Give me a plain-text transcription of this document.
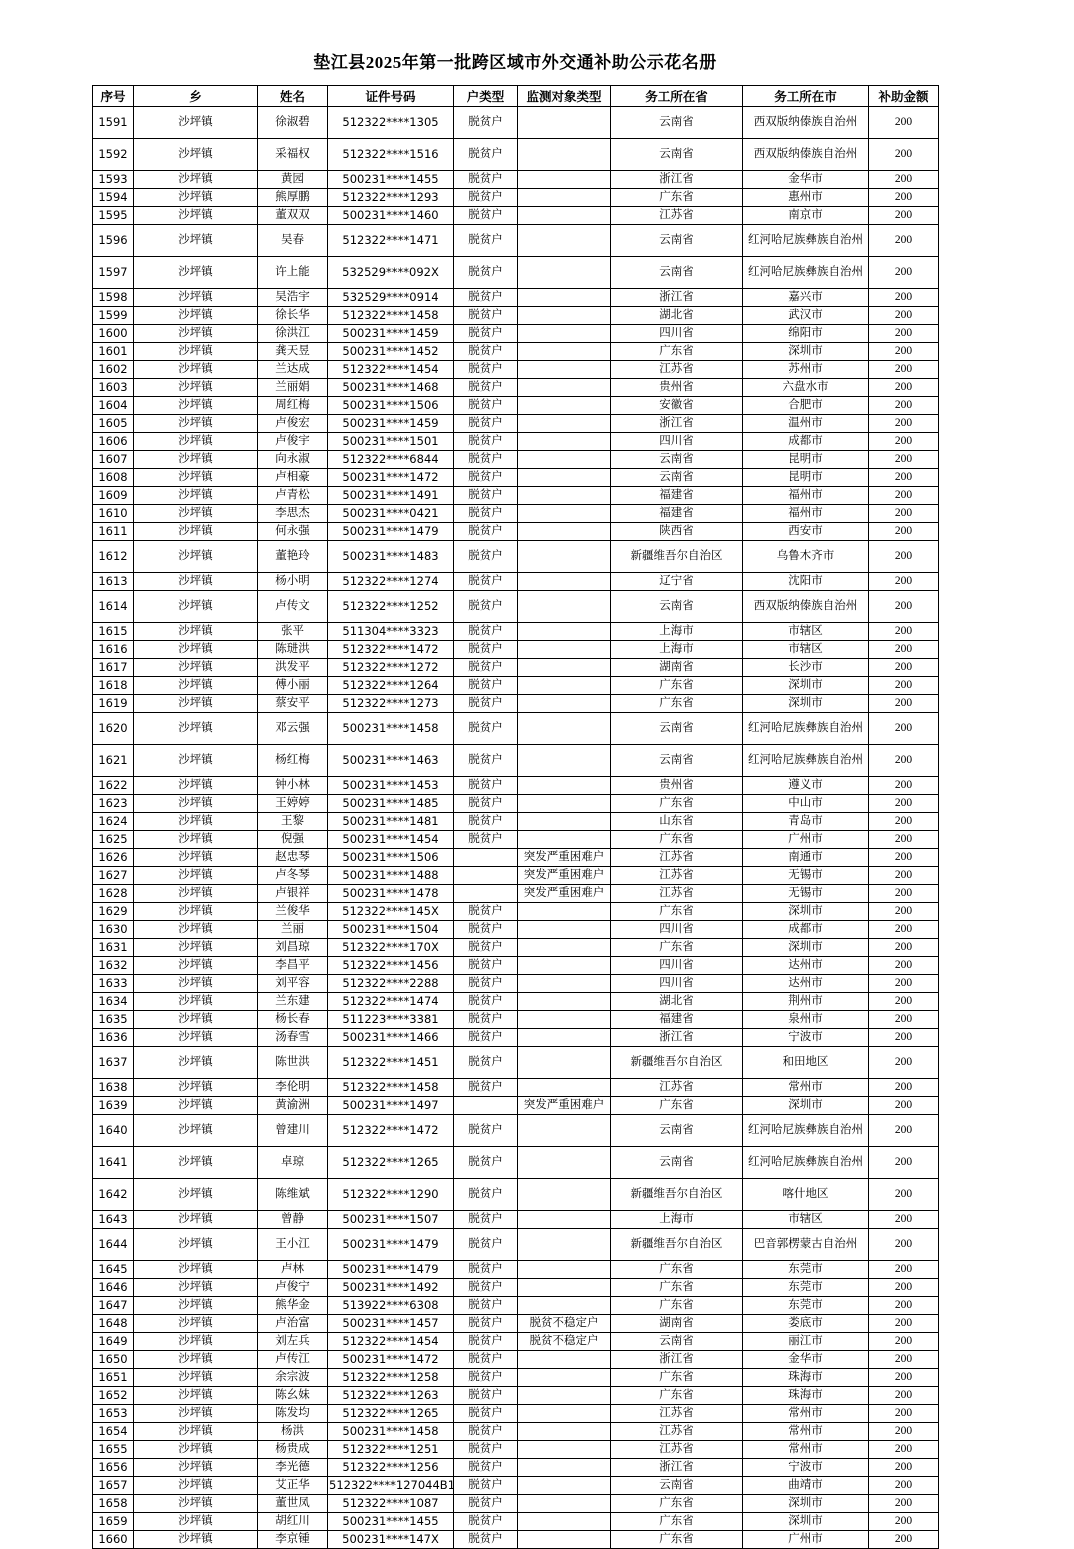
垫江县2025年第一批跨区域市外交通补助公示花名册
序号	乡	姓名	证件号码	户类型	监测对象类型	务工所在省	务工所在市	补助金额
1591	沙坪镇	徐淑碧	512322****1305	脱贫户		云南省	西双版纳傣族自治州	200
1592	沙坪镇	采福权	512322****1516	脱贫户		云南省	西双版纳傣族自治州	200
1593	沙坪镇	黄园	500231****1455	脱贫户		浙江省	金华市	200
1594	沙坪镇	熊厚鹏	512322****1293	脱贫户		广东省	惠州市	200
1595	沙坪镇	董双双	500231****1460	脱贫户		江苏省	南京市	200
1596	沙坪镇	吴春	512322****1471	脱贫户		云南省	红河哈尼族彝族自治州	200
1597	沙坪镇	许上能	532529****092X	脱贫户		云南省	红河哈尼族彝族自治州	200
1598	沙坪镇	吴浩宇	532529****0914	脱贫户		浙江省	嘉兴市	200
1599	沙坪镇	徐长华	512322****1458	脱贫户		湖北省	武汉市	200
1600	沙坪镇	徐洪江	500231****1459	脱贫户		四川省	绵阳市	200
1601	沙坪镇	龚天昱	500231****1452	脱贫户		广东省	深圳市	200
1602	沙坪镇	兰达成	512322****1454	脱贫户		江苏省	苏州市	200
1603	沙坪镇	兰丽娟	500231****1468	脱贫户		贵州省	六盘水市	200
1604	沙坪镇	周红梅	500231****1506	脱贫户		安徽省	合肥市	200
1605	沙坪镇	卢俊宏	500231****1459	脱贫户		浙江省	温州市	200
1606	沙坪镇	卢俊宇	500231****1501	脱贫户		四川省	成都市	200
1607	沙坪镇	向永淑	512322****6844	脱贫户		云南省	昆明市	200
1608	沙坪镇	卢相豪	500231****1472	脱贫户		云南省	昆明市	200
1609	沙坪镇	卢青松	500231****1491	脱贫户		福建省	福州市	200
1610	沙坪镇	李思杰	500231****0421	脱贫户		福建省	福州市	200
1611	沙坪镇	何永强	500231****1479	脱贫户		陕西省	西安市	200
1612	沙坪镇	董艳玲	500231****1483	脱贫户		新疆维吾尔自治区	乌鲁木齐市	200
1613	沙坪镇	杨小明	512322****1274	脱贫户		辽宁省	沈阳市	200
1614	沙坪镇	卢传文	512322****1252	脱贫户		云南省	西双版纳傣族自治州	200
1615	沙坪镇	张平	511304****3323	脱贫户		上海市	市辖区	200
1616	沙坪镇	陈琎洪	512322****1472	脱贫户		上海市	市辖区	200
1617	沙坪镇	洪发平	512322****1272	脱贫户		湖南省	长沙市	200
1618	沙坪镇	傅小丽	512322****1264	脱贫户		广东省	深圳市	200
1619	沙坪镇	蔡安平	512322****1273	脱贫户		广东省	深圳市	200
1620	沙坪镇	邓云强	500231****1458	脱贫户		云南省	红河哈尼族彝族自治州	200
1621	沙坪镇	杨红梅	500231****1463	脱贫户		云南省	红河哈尼族彝族自治州	200
1622	沙坪镇	钟小林	500231****1453	脱贫户		贵州省	遵义市	200
1623	沙坪镇	王婷婷	500231****1485	脱贫户		广东省	中山市	200
1624	沙坪镇	王黎	500231****1481	脱贫户		山东省	青岛市	200
1625	沙坪镇	倪强	500231****1454	脱贫户		广东省	广州市	200
1626	沙坪镇	赵忠琴	500231****1506		突发严重困难户	江苏省	南通市	200
1627	沙坪镇	卢冬琴	500231****1488		突发严重困难户	江苏省	无锡市	200
1628	沙坪镇	卢银祥	500231****1478		突发严重困难户	江苏省	无锡市	200
1629	沙坪镇	兰俊华	512322****145X	脱贫户		广东省	深圳市	200
1630	沙坪镇	兰丽	500231****1504	脱贫户		四川省	成都市	200
1631	沙坪镇	刘昌琼	512322****170X	脱贫户		广东省	深圳市	200
1632	沙坪镇	李昌平	512322****1456	脱贫户		四川省	达州市	200
1633	沙坪镇	刘平容	512322****2288	脱贫户		四川省	达州市	200
1634	沙坪镇	兰东建	512322****1474	脱贫户		湖北省	荆州市	200
1635	沙坪镇	杨长春	511223****3381	脱贫户		福建省	泉州市	200
1636	沙坪镇	汤春雪	500231****1466	脱贫户		浙江省	宁波市	200
1637	沙坪镇	陈世洪	512322****1451	脱贫户		新疆维吾尔自治区	和田地区	200
1638	沙坪镇	李伦明	512322****1458	脱贫户		江苏省	常州市	200
1639	沙坪镇	黄渝洲	500231****1497		突发严重困难户	广东省	深圳市	200
1640	沙坪镇	曾建川	512322****1472	脱贫户		云南省	红河哈尼族彝族自治州	200
1641	沙坪镇	卓琼	512322****1265	脱贫户		云南省	红河哈尼族彝族自治州	200
1642	沙坪镇	陈维斌	512322****1290	脱贫户		新疆维吾尔自治区	喀什地区	200
1643	沙坪镇	曾静	500231****1507	脱贫户		上海市	市辖区	200
1644	沙坪镇	王小江	500231****1479	脱贫户		新疆维吾尔自治区	巴音郭楞蒙古自治州	200
1645	沙坪镇	卢林	500231****1479	脱贫户		广东省	东莞市	200
1646	沙坪镇	卢俊宁	500231****1492	脱贫户		广东省	东莞市	200
1647	沙坪镇	熊华金	513922****6308	脱贫户		广东省	东莞市	200
1648	沙坪镇	卢治富	500231****1457	脱贫户	脱贫不稳定户	湖南省	娄底市	200
1649	沙坪镇	刘左兵	512322****1454	脱贫户	脱贫不稳定户	云南省	丽江市	200
1650	沙坪镇	卢传江	500231****1472	脱贫户		浙江省	金华市	200
1651	沙坪镇	余宗波	512322****1258	脱贫户		广东省	珠海市	200
1652	沙坪镇	陈幺妹	512322****1263	脱贫户		广东省	珠海市	200
1653	沙坪镇	陈发均	512322****1265	脱贫户		江苏省	常州市	200
1654	沙坪镇	杨洪	500231****1458	脱贫户		江苏省	常州市	200
1655	沙坪镇	杨贵成	512322****1251	脱贫户		江苏省	常州市	200
1656	沙坪镇	李光德	512322****1256	脱贫户		浙江省	宁波市	200
1657	沙坪镇	艾正华	512322****127044B1	脱贫户		云南省	曲靖市	200
1658	沙坪镇	董世凤	512322****1087	脱贫户		广东省	深圳市	200
1659	沙坪镇	胡红川	500231****1455	脱贫户		广东省	深圳市	200
1660	沙坪镇	李京锺	500231****147X	脱贫户		广东省	广州市	200
